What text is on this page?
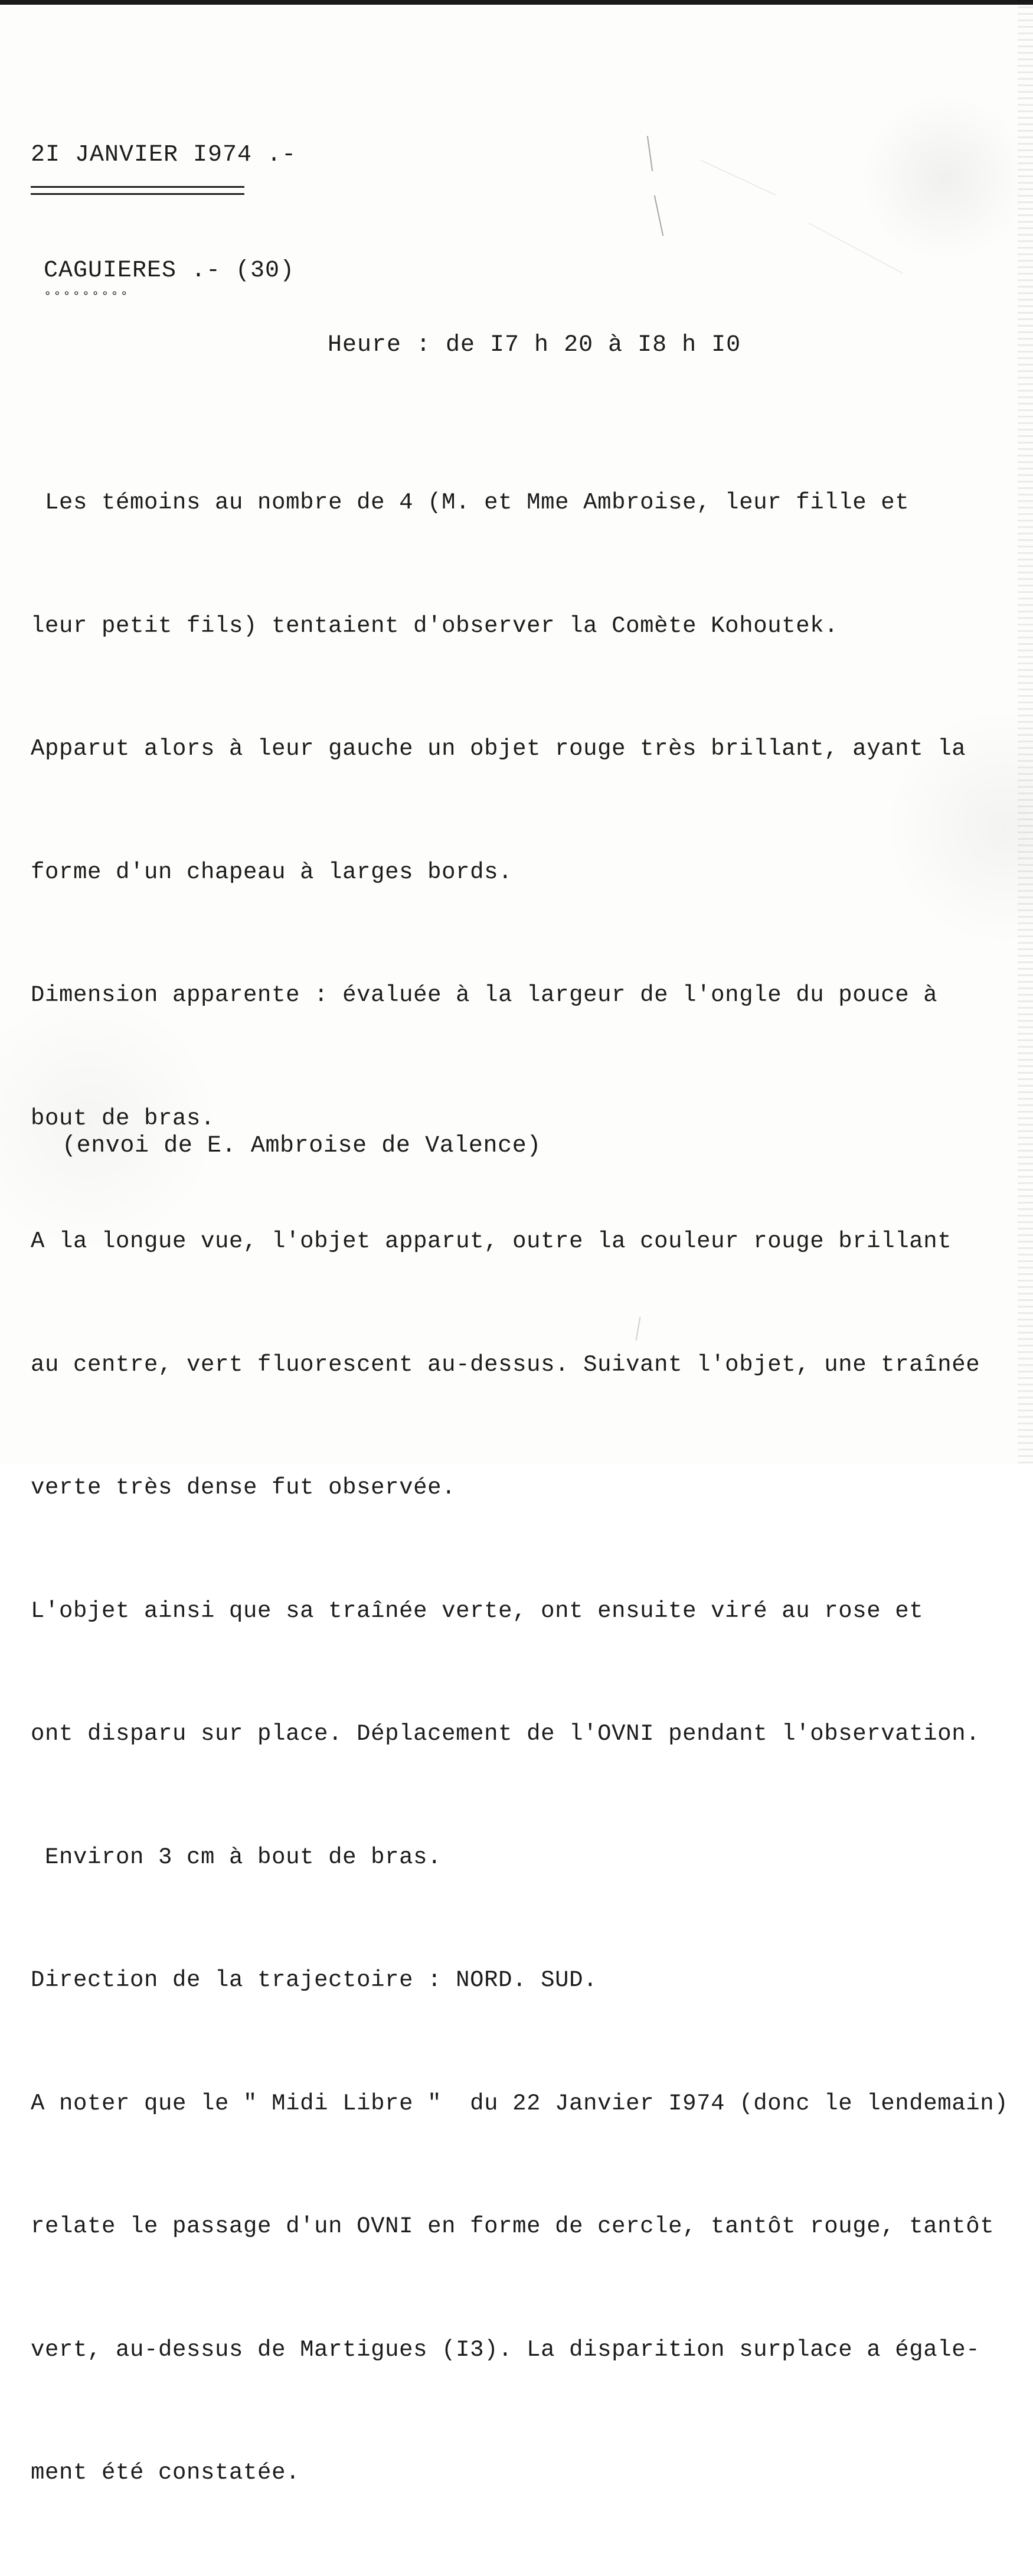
2I JANVIER I974 .-
CAGUIERES .- (30)
°°°°°°°°°
Heure : de I7 h 20 à I8 h I0

Les témoins au nombre de 4 (M. et Mme Ambroise, leur fille et

leur petit fils) tentaient d'observer la Comète Kohoutek.

Apparut alors à leur gauche un objet rouge très brillant, ayant la

forme d'un chapeau à larges bords.

Dimension apparente : évaluée à la largeur de l'ongle du pouce à

bout de bras.

A la longue vue, l'objet apparut, outre la couleur rouge brillant

au centre, vert fluorescent au-dessus. Suivant l'objet, une traînée

verte très dense fut observée.

L'objet ainsi que sa traînée verte, ont ensuite viré au rose et

ont disparu sur place. Déplacement de l'OVNI pendant l'observation.

Environ 3 cm à bout de bras.

Direction de la trajectoire : NORD. SUD.

A noter que le " Midi Libre "  du 22 Janvier I974 (donc le lendemain)

relate le passage d'un OVNI en forme de cercle, tantôt rouge, tantôt

vert, au-dessus de Martigues (I3). La disparition surplace a égale-

ment été constatée.

(envoi de E. Ambroise de Valence)
